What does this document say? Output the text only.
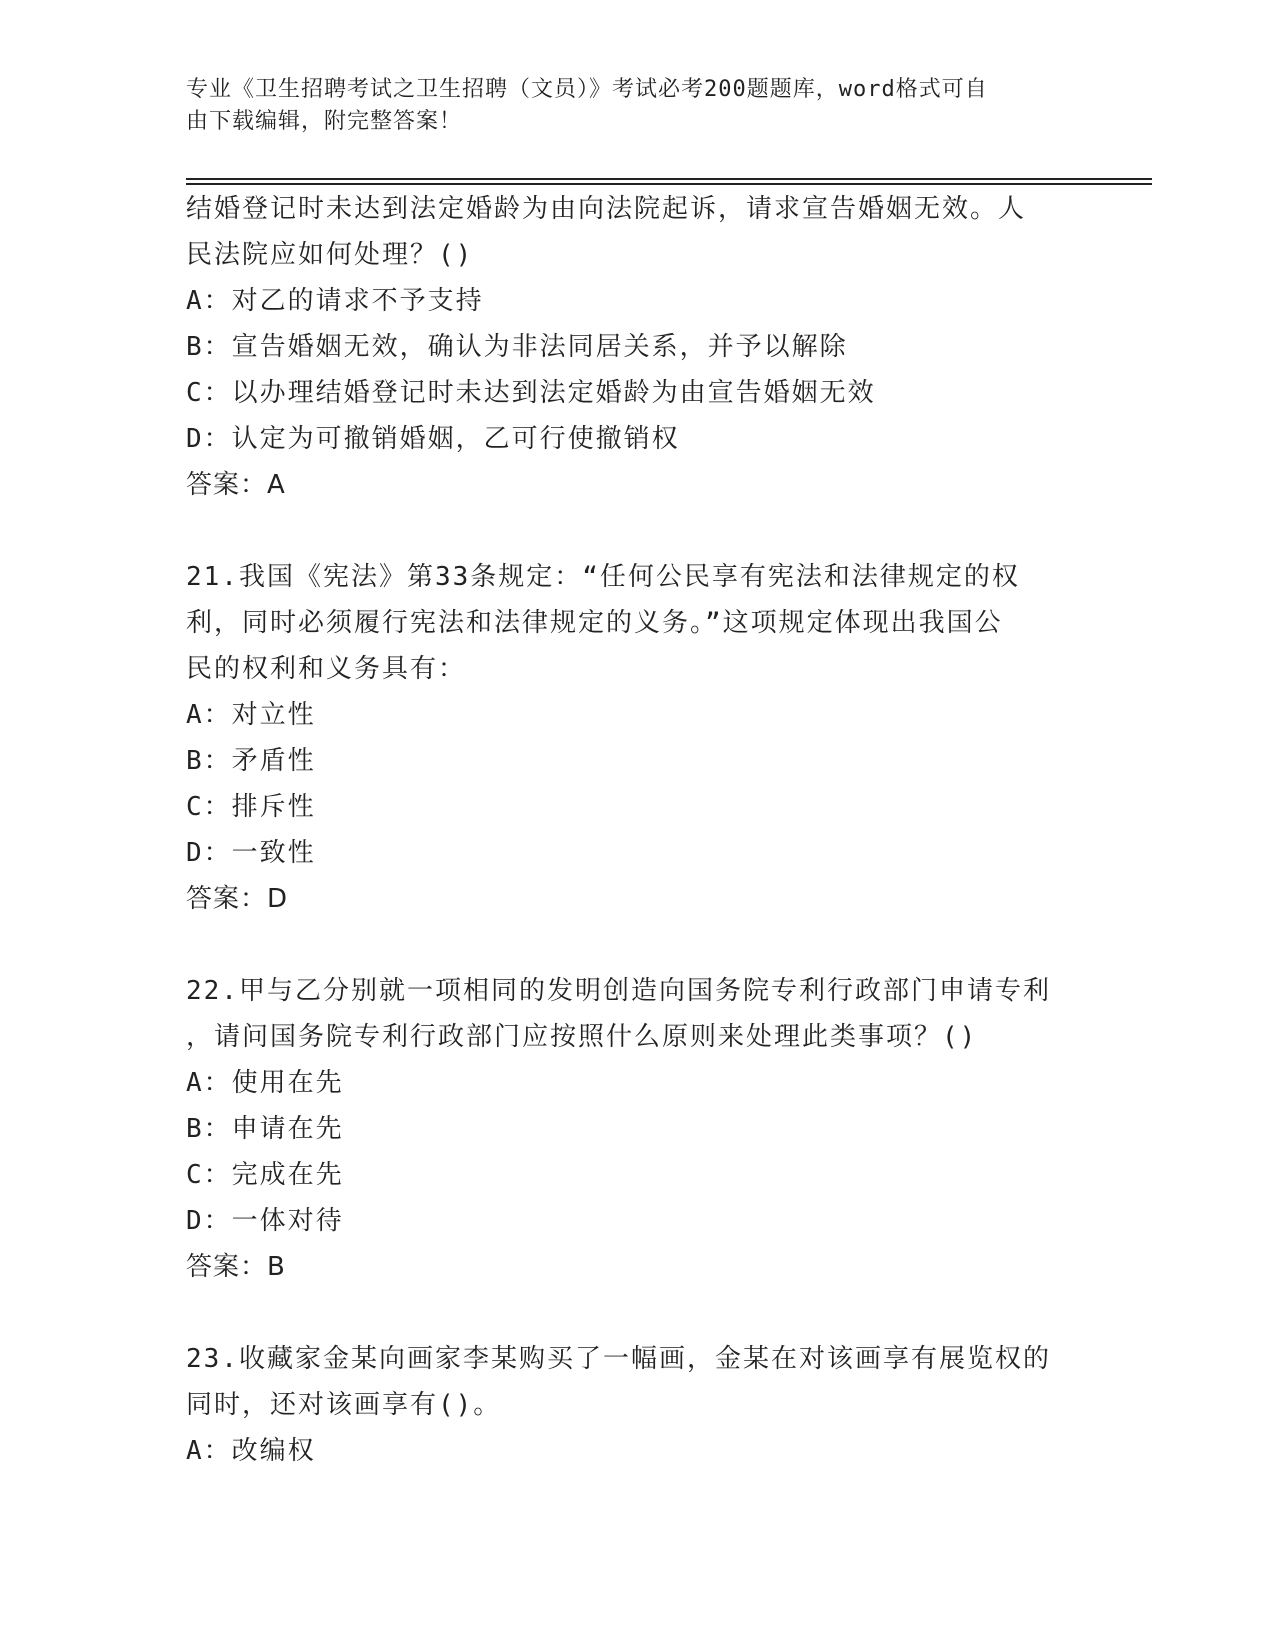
专业《卫生招聘考试之卫生招聘（文员）》考试必考200题题库，word格式可自
由下载编辑，附完整答案！
结婚登记时未达到法定婚龄为由向法院起诉，请求宣告婚姻无效。人
民法院应如何处理？()
A：对乙的请求不予支持
B：宣告婚姻无效，确认为非法同居关系，并予以解除
C：以办理结婚登记时未达到法定婚龄为由宣告婚姻无效
D：认定为可撤销婚姻，乙可行使撤销权
答案：A
21.我国《宪法》第33条规定：“任何公民享有宪法和法律规定的权
利，同时必须履行宪法和法律规定的义务。”这项规定体现出我国公
民的权利和义务具有：
A：对立性
B：矛盾性
C：排斥性
D：一致性
答案：D
22.甲与乙分别就一项相同的发明创造向国务院专利行政部门申请专利
，请问国务院专利行政部门应按照什么原则来处理此类事项？()
A：使用在先
B：申请在先
C：完成在先
D：一体对待
答案：B
23.收藏家金某向画家李某购买了一幅画，金某在对该画享有展览权的
同时，还对该画享有()。
A：改编权
